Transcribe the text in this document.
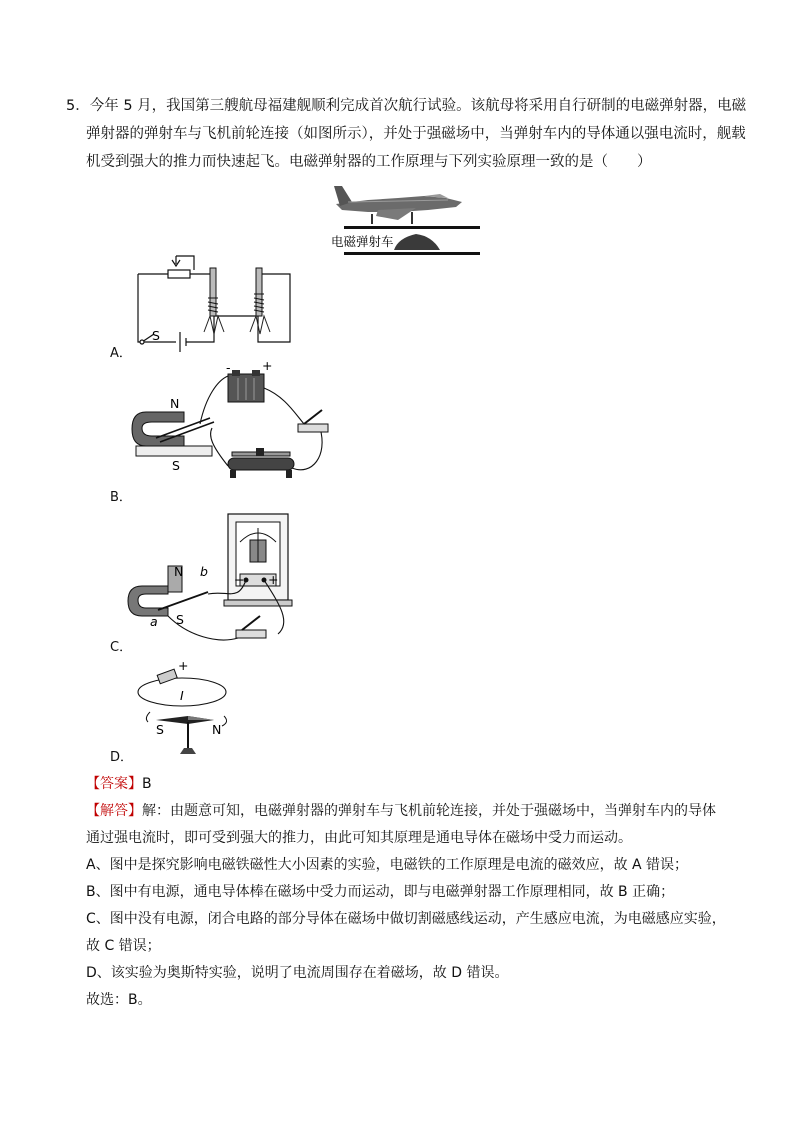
5．今年 5 月，我国第三艘航母福建舰顺利完成首次航行试验。该航母将采用自行研制的电磁弹射器，电磁
弹射器的弹射车与飞机前轮连接（如图所示），并处于强磁场中，当弹射车内的导体通以强电流时，舰载
机受到强大的推力而快速起飞。电磁弹射器的工作原理与下列实验原理一致的是（　　）
电磁弹射车
A．
S
B．
-	+
N
S
C．
− +
N
S
b
a
D．
+
I
S	N
【答案】B
【解答】解：由题意可知，电磁弹射器的弹射车与飞机前轮连接，并处于强磁场中，当弹射车内的导体
通过强电流时，即可受到强大的推力，由此可知其原理是通电导体在磁场中受力而运动。
A、图中是探究影响电磁铁磁性大小因素的实验，电磁铁的工作原理是电流的磁效应，故 A 错误；
B、图中有电源，通电导体棒在磁场中受力而运动，即与电磁弹射器工作原理相同，故 B 正确；
C、图中没有电源，闭合电路的部分导体在磁场中做切割磁感线运动，产生感应电流，为电磁感应实验，
故 C 错误；
D、该实验为奥斯特实验，说明了电流周围存在着磁场，故 D 错误。
故选：B。
